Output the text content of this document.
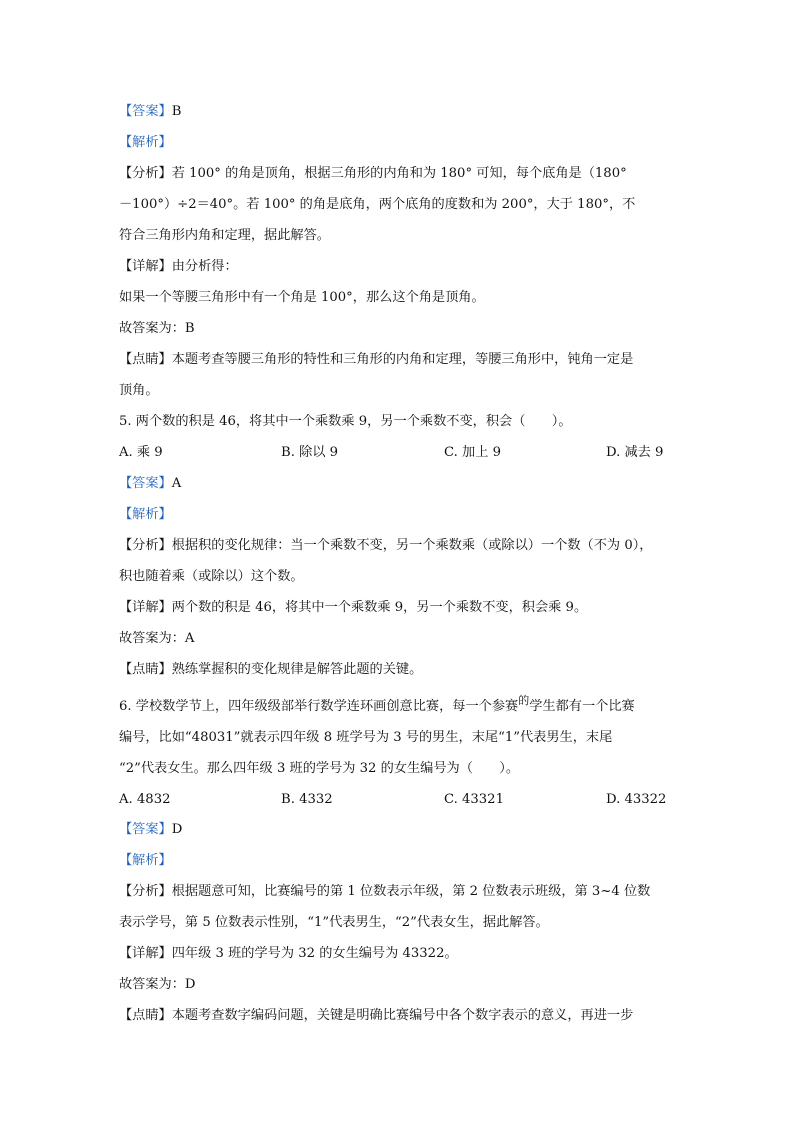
【答案】B
【解析】
【分析】若 100° 的角是顶角，根据三角形的内角和为 180° 可知，每个底角是（180°
－100°）÷2＝40°。若 100° 的角是底角，两个底角的度数和为 200°，大于 180°，不
符合三角形内角和定理，据此解答。
【详解】由分析得：
如果一个等腰三角形中有一个角是 100°，那么这个角是顶角。
故答案为：B
【点睛】本题考查等腰三角形的特性和三角形的内角和定理，等腰三角形中，钝角一定是
顶角。
5. 两个数的积是 46，将其中一个乘数乘 9，另一个乘数不变，积会（　　）。
A. 乘 9	B. 除以 9	C. 加上 9	D. 减去 9
【答案】A
【解析】
【分析】根据积的变化规律：当一个乘数不变，另一个乘数乘（或除以）一个数（不为 0），
积也随着乘（或除以）这个数。
【详解】两个数的积是 46，将其中一个乘数乘 9，另一个乘数不变，积会乘 9。
故答案为：A
【点睛】熟练掌握积的变化规律是解答此题的关键。
6. 学校数学节上，四年级级部举行数学连环画创意比赛，每一个参赛$^的$学生都有一个比赛
编号，比如“48031”就表示四年级 8 班学号为 3 号的男生，末尾“1”代表男生，末尾
“2”代表女生。那么四年级 3 班的学号为 32 的女生编号为（　　）。
A. 4832	B. 4332	C. 43321	D. 43322
【答案】D
【解析】
【分析】根据题意可知，比赛编号的第 1 位数表示年级，第 2 位数表示班级，第 3~4 位数
表示学号，第 5 位数表示性别，“1”代表男生，“2”代表女生，据此解答。
【详解】四年级 3 班的学号为 32 的女生编号为 43322。
故答案为：D
【点睛】本题考查数字编码问题，关键是明确比赛编号中各个数字表示的意义，再进一步
